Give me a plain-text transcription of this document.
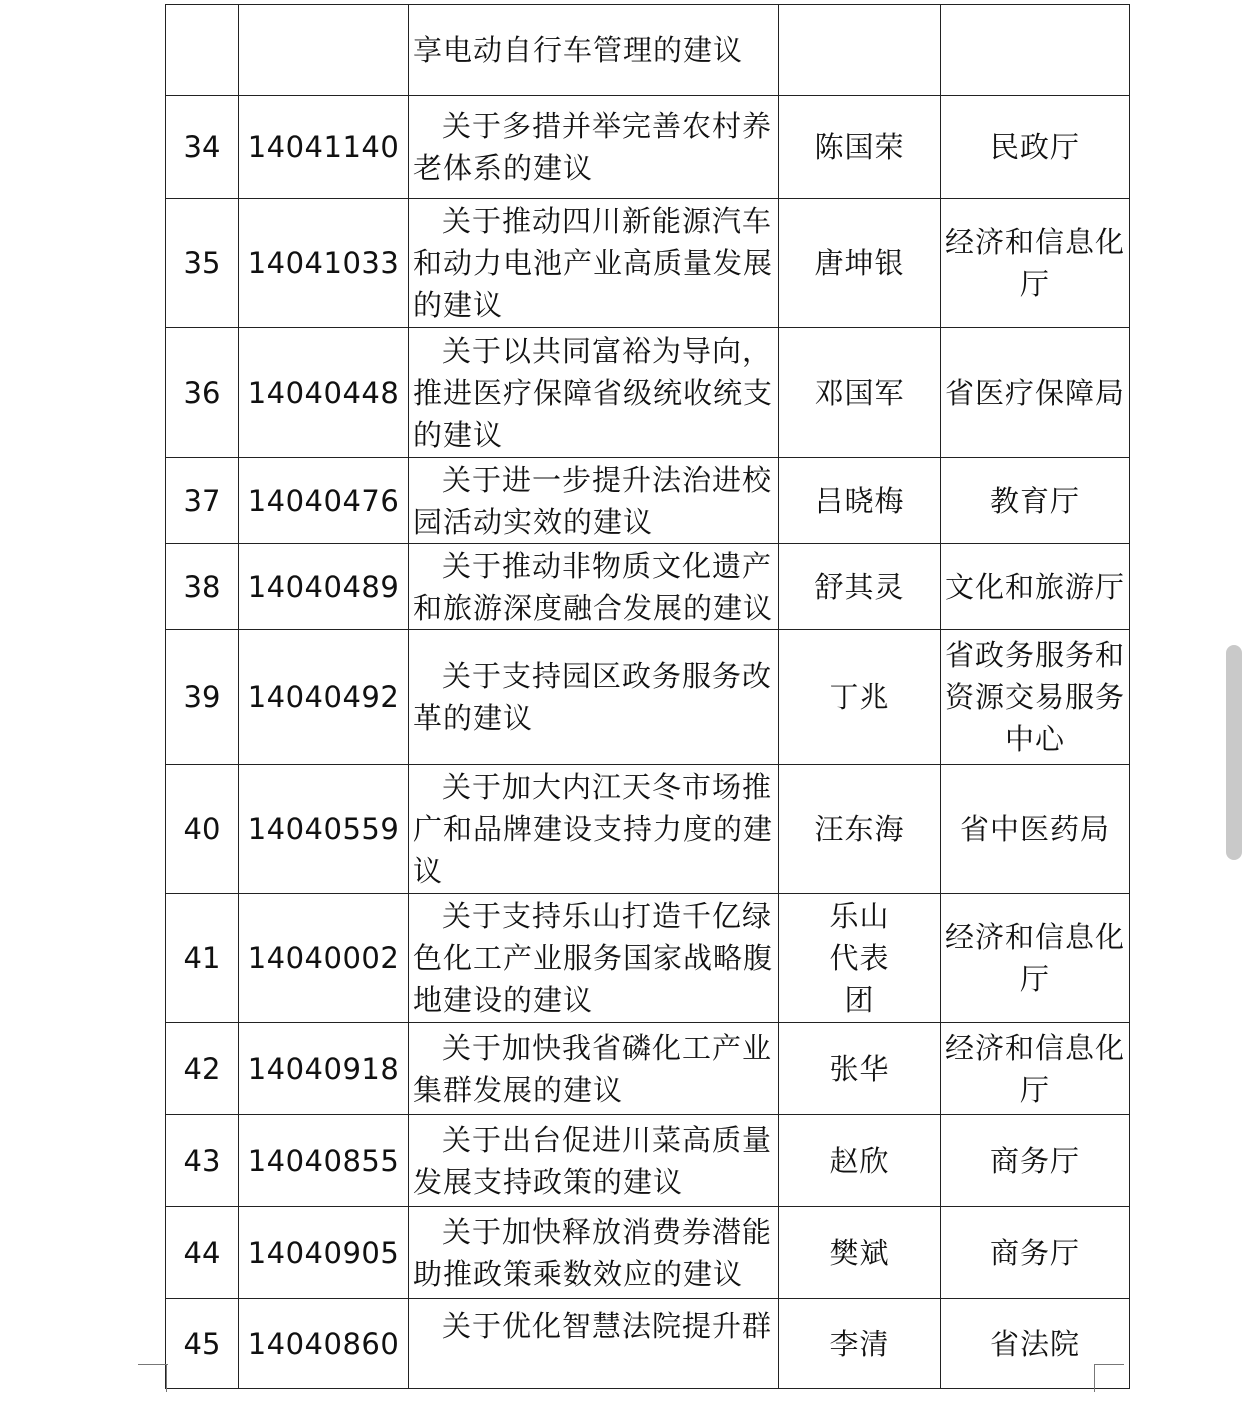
		享电动自行车管理的建议		

34	14041140	关于多措并举完善农村养老体系的建议	陈国荣	民政厅
35	14041033	关于推动四川新能源汽车和动力电池产业高质量发展的建议	唐坤银	经济和信息化厅
36	14040448	关于以共同富裕为导向，推进医疗保障省级统收统支的建议	邓国军	省医疗保障局
37	14040476	关于进一步提升法治进校园活动实效的建议	吕晓梅	教育厅
38	14040489	关于推动非物质文化遗产和旅游深度融合发展的建议	舒其灵	文化和旅游厅
39	14040492	关于支持园区政务服务改革的建议	丁兆	省政务服务和资源交易服务中心
40	14040559	关于加大内江天冬市场推广和品牌建设支持力度的建议	汪东海	省中医药局
41	14040002	关于支持乐山打造千亿绿色化工产业服务国家战略腹地建设的建议	乐山代表团	经济和信息化厅
42	14040918	关于加快我省磷化工产业集群发展的建议	张华	经济和信息化厅
43	14040855	关于出台促进川菜高质量发展支持政策的建议	赵欣	商务厅
44	14040905	关于加快释放消费券潜能助推政策乘数效应的建议	樊斌	商务厅
45	14040860	关于优化智慧法院提升群	李清	省法院
